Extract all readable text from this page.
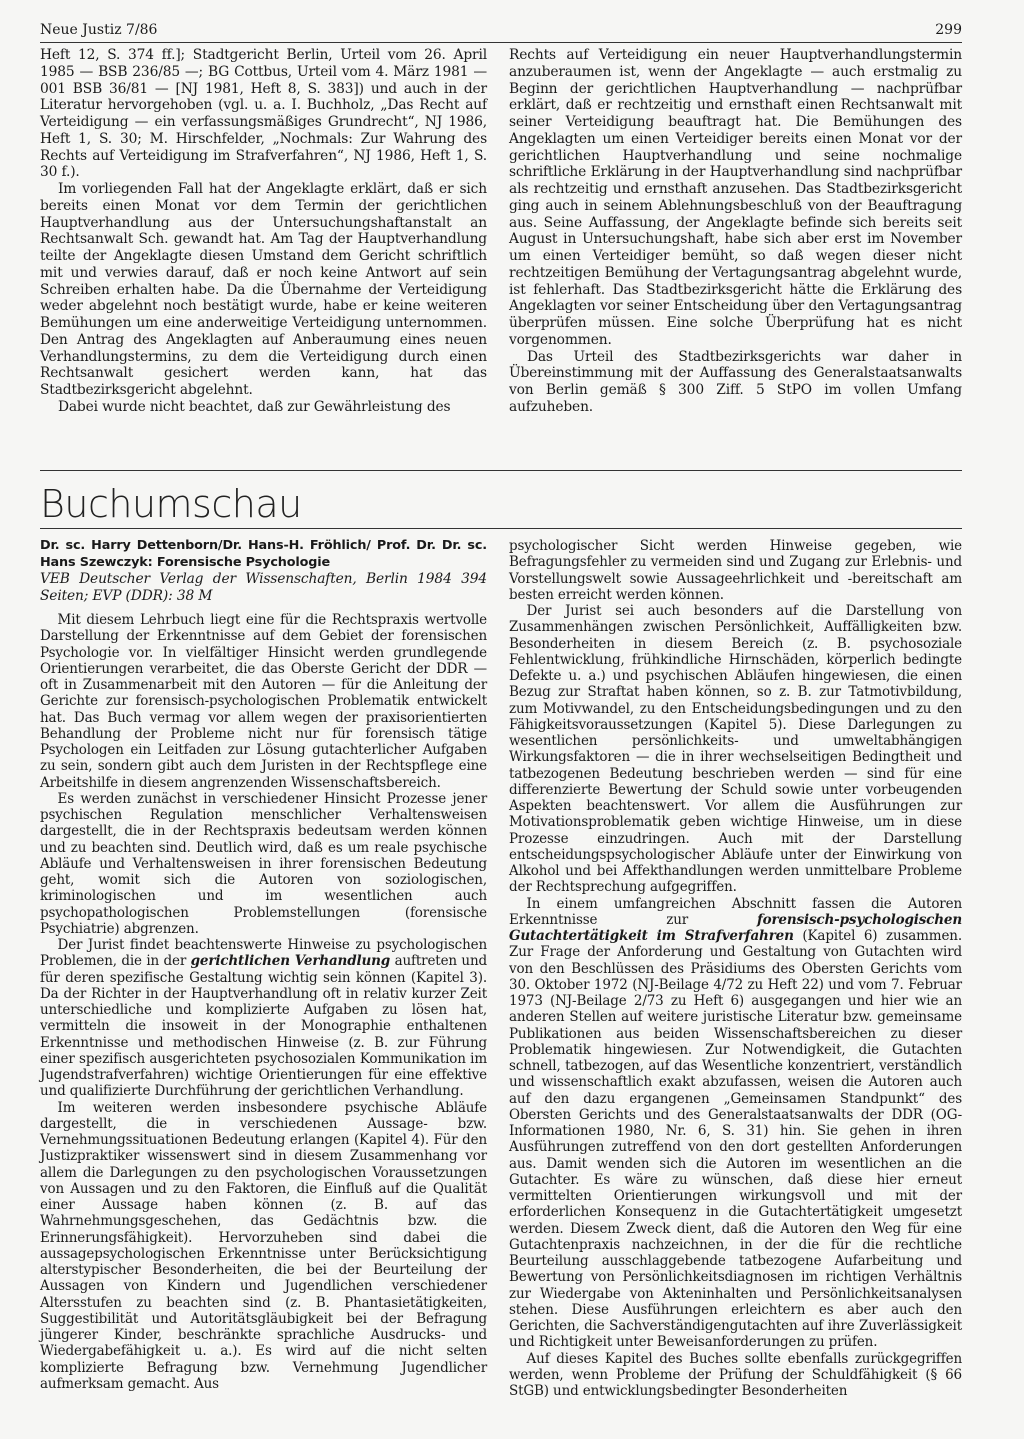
Neue Justiz 7/86	299

Heft 12, S. 374 ff.]; Stadtgericht Berlin, Urteil vom 26. April 1985 — BSB 236/85 —; BG Cottbus, Urteil vom 4. März 1981 — 001 BSB 36/81 — [NJ 1981, Heft 8, S. 383]) und auch in der Literatur hervorgehoben (vgl. u. a. I. Buchholz, „Das Recht auf Verteidigung — ein verfassungsmäßiges Grundrecht“, NJ 1986, Heft 1, S. 30; M. Hirschfelder, „Nochmals: Zur Wahrung des Rechts auf Verteidigung im Strafverfahren“, NJ 1986, Heft 1, S. 30 f.).

Im vorliegenden Fall hat der Angeklagte erklärt, daß er sich bereits einen Monat vor dem Termin der gerichtlichen Hauptverhandlung aus der Untersuchungshaftanstalt an Rechtsanwalt Sch. gewandt hat. Am Tag der Hauptverhandlung teilte der Angeklagte diesen Umstand dem Gericht schriftlich mit und verwies darauf, daß er noch keine Antwort auf sein Schreiben erhalten habe. Da die Übernahme der Verteidigung weder abgelehnt noch bestätigt wurde, habe er keine weiteren Bemühungen um eine anderweitige Verteidigung unternommen. Den Antrag des Angeklagten auf Anberaumung eines neuen Verhandlungstermins, zu dem die Verteidigung durch einen Rechtsanwalt gesichert werden kann, hat das Stadtbezirksgericht abgelehnt.

Dabei wurde nicht beachtet, daß zur Gewährleistung des

Rechts auf Verteidigung ein neuer Hauptverhandlungstermin anzuberaumen ist, wenn der Angeklagte — auch erstmalig zu Beginn der gerichtlichen Hauptverhandlung — nachprüfbar erklärt, daß er rechtzeitig und ernsthaft einen Rechtsanwalt mit seiner Verteidigung beauftragt hat. Die Bemühungen des Angeklagten um einen Verteidiger bereits einen Monat vor der gerichtlichen Hauptverhandlung und seine nochmalige schriftliche Erklärung in der Hauptverhandlung sind nachprüfbar als rechtzeitig und ernsthaft anzusehen. Das Stadtbezirksgericht ging auch in seinem Ablehnungsbeschluß von der Beauftragung aus. Seine Auffassung, der Angeklagte befinde sich bereits seit August in Untersuchungshaft, habe sich aber erst im November um einen Verteidiger bemüht, so daß wegen dieser nicht rechtzeitigen Bemühung der Vertagungsantrag abgelehnt wurde, ist fehlerhaft. Das Stadtbezirksgericht hätte die Erklärung des Angeklagten vor seiner Entscheidung über den Vertagungsantrag überprüfen müssen. Eine solche Überprüfung hat es nicht vorgenommen.

Das Urteil des Stadtbezirksgerichts war daher in Übereinstimmung mit der Auffassung des Generalstaatsanwalts von Berlin gemäß § 300 Ziff. 5 StPO im vollen Umfang aufzuheben.

Buchumschau
Dr. sc. Harry Dettenborn/Dr. Hans-H. Fröhlich/ Prof. Dr. Dr. sc. Hans Szewczyk: Forensische Psychologie
VEB Deutscher Verlag der Wissenschaften, Berlin 1984 394 Seiten; EVP (DDR): 38 M

Mit diesem Lehrbuch liegt eine für die Rechtspraxis wertvolle Darstellung der Erkenntnisse auf dem Gebiet der forensischen Psychologie vor. In vielfältiger Hinsicht werden grundlegende Orientierungen verarbeitet, die das Oberste Gericht der DDR — oft in Zusammenarbeit mit den Autoren — für die Anleitung der Gerichte zur forensisch-psychologischen Problematik entwickelt hat. Das Buch vermag vor allem wegen der praxisorientierten Behandlung der Probleme nicht nur für forensisch tätige Psychologen ein Leitfaden zur Lösung gutachterlicher Aufgaben zu sein, sondern gibt auch dem Juristen in der Rechtspflege eine Arbeitshilfe in diesem angrenzenden Wissenschaftsbereich.

Es werden zunächst in verschiedener Hinsicht Prozesse jener psychischen Regulation menschlicher Verhaltensweisen dargestellt, die in der Rechtspraxis bedeutsam werden können und zu beachten sind. Deutlich wird, daß es um reale psychische Abläufe und Verhaltensweisen in ihrer forensischen Bedeutung geht, womit sich die Autoren von soziologischen, kriminologischen und im wesentlichen auch psychopathologischen Problemstellungen (forensische Psychiatrie) abgrenzen.

Der Jurist findet beachtenswerte Hinweise zu psychologischen Problemen, die in der gerichtlichen Verhandlung auftreten und für deren spezifische Gestaltung wichtig sein können (Kapitel 3). Da der Richter in der Hauptverhandlung oft in relativ kurzer Zeit unterschiedliche und komplizierte Aufgaben zu lösen hat, vermitteln die insoweit in der Monographie enthaltenen Erkenntnisse und methodischen Hinweise (z. B. zur Führung einer spezifisch ausgerichteten psychosozialen Kommunikation im Jugendstrafverfahren) wichtige Orientierungen für eine effektive und qualifizierte Durchführung der gerichtlichen Verhandlung.

Im weiteren werden insbesondere psychische Abläufe dargestellt, die in verschiedenen Aussage- bzw. Vernehmungssituationen Bedeutung erlangen (Kapitel 4). Für den Justizpraktiker wissenswert sind in diesem Zusammenhang vor allem die Darlegungen zu den psychologischen Voraussetzungen von Aussagen und zu den Faktoren, die Einfluß auf die Qualität einer Aussage haben können (z. B. auf das Wahrnehmungsgeschehen, das Gedächtnis bzw. die Erinnerungsfähigkeit). Hervorzuheben sind dabei die aussagepsychologischen Erkenntnisse unter Berücksichtigung alterstypischer Besonderheiten, die bei der Beurteilung der Aussagen von Kindern und Jugendlichen verschiedener Altersstufen zu beachten sind (z. B. Phantasietätigkeiten, Suggestibilität und Autoritätsgläubigkeit bei der Befragung jüngerer Kinder, beschränkte sprachliche Ausdrucks- und Wiedergabefähigkeit u. a.). Es wird auf die nicht selten komplizierte Befragung bzw. Vernehmung Jugendlicher aufmerksam gemacht. Aus

psychologischer Sicht werden Hinweise gegeben, wie Befragungsfehler zu vermeiden sind und Zugang zur Erlebnis- und Vorstellungswelt sowie Aussageehrlichkeit und -bereitschaft am besten erreicht werden können.

Der Jurist sei auch besonders auf die Darstellung von Zusammenhängen zwischen Persönlichkeit, Auffälligkeiten bzw. Besonderheiten in diesem Bereich (z. B. psychosoziale Fehlentwicklung, frühkindliche Hirnschäden, körperlich bedingte Defekte u. a.) und psychischen Abläufen hingewiesen, die einen Bezug zur Straftat haben können, so z. B. zur Tatmotivbildung, zum Motivwandel, zu den Entscheidungsbedingungen und zu den Fähigkeitsvoraussetzungen (Kapitel 5). Diese Darlegungen zu wesentlichen persönlichkeits- und umweltabhängigen Wirkungsfaktoren — die in ihrer wechselseitigen Bedingtheit und tatbezogenen Bedeutung beschrieben werden — sind für eine differenzierte Bewertung der Schuld sowie unter vorbeugenden Aspekten beachtenswert. Vor allem die Ausführungen zur Motivationsproblematik geben wichtige Hinweise, um in diese Prozesse einzudringen. Auch mit der Darstellung entscheidungspsychologischer Abläufe unter der Einwirkung von Alkohol und bei Affekthandlungen werden unmittelbare Probleme der Rechtsprechung aufgegriffen.

In einem umfangreichen Abschnitt fassen die Autoren Erkenntnisse zur forensisch-psychologischen Gutachtertätigkeit im Strafverfahren (Kapitel 6) zusammen. Zur Frage der Anforderung und Gestaltung von Gutachten wird von den Beschlüssen des Präsidiums des Obersten Gerichts vom 30. Oktober 1972 (NJ-Beilage 4/72 zu Heft 22) und vom 7. Februar 1973 (NJ-Beilage 2/73 zu Heft 6) ausgegangen und hier wie an anderen Stellen auf weitere juristische Literatur bzw. gemeinsame Publikationen aus beiden Wissenschaftsbereichen zu dieser Problematik hingewiesen. Zur Notwendigkeit, die Gutachten schnell, tatbezogen, auf das Wesentliche konzentriert, verständlich und wissenschaftlich exakt abzufassen, weisen die Autoren auch auf den dazu ergangenen „Gemeinsamen Standpunkt“ des Obersten Gerichts und des Generalstaatsanwalts der DDR (OG-Informationen 1980, Nr. 6, S. 31) hin. Sie gehen in ihren Ausführungen zutreffend von den dort gestellten Anforderungen aus. Damit wenden sich die Autoren im wesentlichen an die Gutachter. Es wäre zu wünschen, daß diese hier erneut vermittelten Orientierungen wirkungsvoll und mit der erforderlichen Konsequenz in die Gutachtertätigkeit umgesetzt werden. Diesem Zweck dient, daß die Autoren den Weg für eine Gutachtenpraxis nachzeichnen, in der die für die rechtliche Beurteilung ausschlaggebende tatbezogene Aufarbeitung und Bewertung von Persönlichkeitsdiagnosen im richtigen Verhältnis zur Wiedergabe von Akteninhalten und Persönlichkeitsanalysen stehen. Diese Ausführungen erleichtern es aber auch den Gerichten, die Sachverständigengutachten auf ihre Zuverlässigkeit und Richtigkeit unter Beweisanforderungen zu prüfen.

Auf dieses Kapitel des Buches sollte ebenfalls zurückgegriffen werden, wenn Probleme der Prüfung der Schuldfähigkeit (§ 66 StGB) und entwicklungsbedingter Besonderheiten
